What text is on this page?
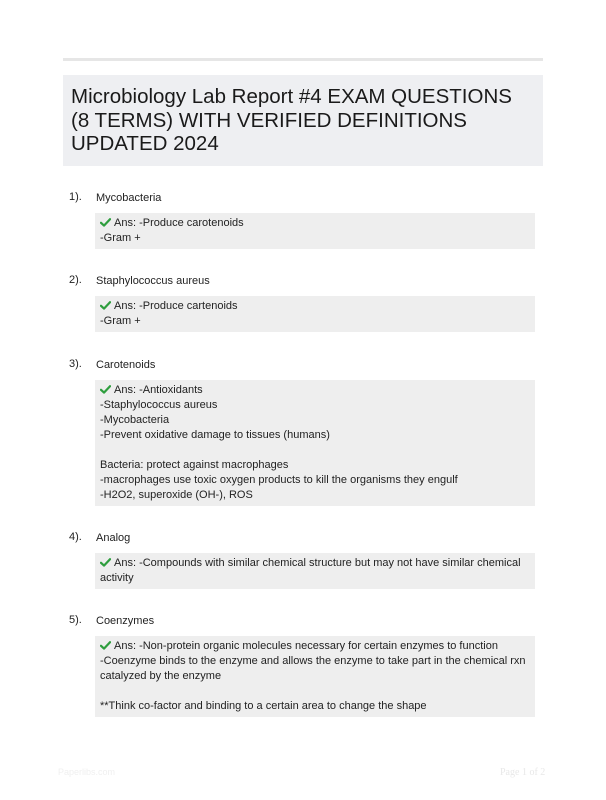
Microbiology Lab Report #4 EXAM QUESTIONS (8 TERMS) WITH VERIFIED DEFINITIONS UPDATED 2024
1). Mycobacteria
Ans: -Produce carotenoids
-Gram +
2). Staphylococcus aureus
Ans: -Produce cartenoids
-Gram +
3). Carotenoids
Ans: -Antioxidants
-Staphylococcus aureus
-Mycobacteria
-Prevent oxidative damage to tissues (humans)
Bacteria: protect against macrophages
-macrophages use toxic oxygen products to kill the organisms they engulf
-H2O2, superoxide (OH-), ROS
4). Analog
Ans: -Compounds with similar chemical structure but may not have similar chemical
activity
5). Coenzymes
Ans: -Non-protein organic molecules necessary for certain enzymes to function
-Coenzyme binds to the enzyme and allows the enzyme to take part in the chemical rxn
catalyzed by the enzyme
**Think co-factor and binding to a certain area to change the shape
Paperlibs.com	Page 1 of 2
